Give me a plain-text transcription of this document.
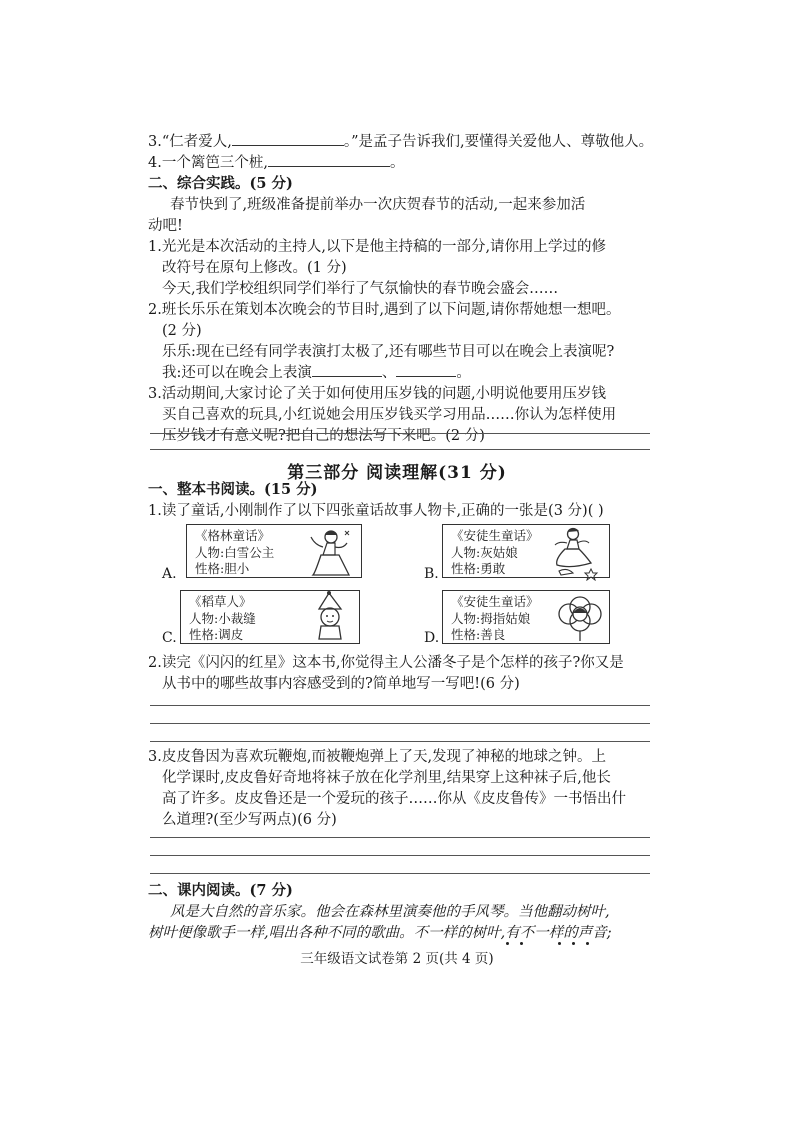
3.“仁者爱人,	。”是孟子告诉我们,要懂得关爱他人、尊敬他人。
4.一个篱笆三个桩,	。
二、综合实践。(5 分)
春节快到了,班级准备提前举办一次庆贺春节的活动,一起来参加活
动吧!
1.光光是本次活动的主持人,以下是他主持稿的一部分,请你用上学过的修
改符号在原句上修改。(1 分)
今天,我们学校组织同学们举行了气氛愉快的春节晚会盛会……
2.班长乐乐在策划本次晚会的节目时,遇到了以下问题,请你帮她想一想吧。
(2 分)
乐乐:现在已经有同学表演打太极了,还有哪些节目可以在晚会上表演呢?
我:还可以在晚会上表演	、	。
3.活动期间,大家讨论了关于如何使用压岁钱的问题,小明说他要用压岁钱
买自己喜欢的玩具,小红说她会用压岁钱买学习用品……你认为怎样使用
压岁钱才有意义呢?把自己的想法写下来吧。(2 分)
第三部分 阅读理解(31 分)
一、整本书阅读。(15 分)
1.读了童话,小刚制作了以下四张童话故事人物卡,正确的一张是(3 分)( )
A.
《格林童话》
人物:白雪公主
性格:胆小	B.
《安徒生童话》
人物:灰姑娘
性格:勇敢
C.
《稻草人》
人物:小裁缝
性格:调皮	D.
《安徒生童话》
人物:拇指姑娘
性格:善良
2.读完《闪闪的红星》这本书,你觉得主人公潘冬子是个怎样的孩子?你又是
从书中的哪些故事内容感受到的?简单地写一写吧!(6 分)
3.皮皮鲁因为喜欢玩鞭炮,而被鞭炮弹上了天,发现了神秘的地球之钟。上
化学课时,皮皮鲁好奇地将袜子放在化学剂里,结果穿上这种袜子后,他长
高了许多。皮皮鲁还是一个爱玩的孩子……你从《皮皮鲁传》一书悟出什
么道理?(至少写两点)(6 分)
二、课内阅读。(7 分)
风是大自然的音乐家。他会在森林里演奏他的手风琴。当他翻动树叶,
树叶便像歌手一样,唱出各种不同的歌曲。不一样的树叶,有不一样的声音;
三年级语文试卷第 2 页(共 4 页)
